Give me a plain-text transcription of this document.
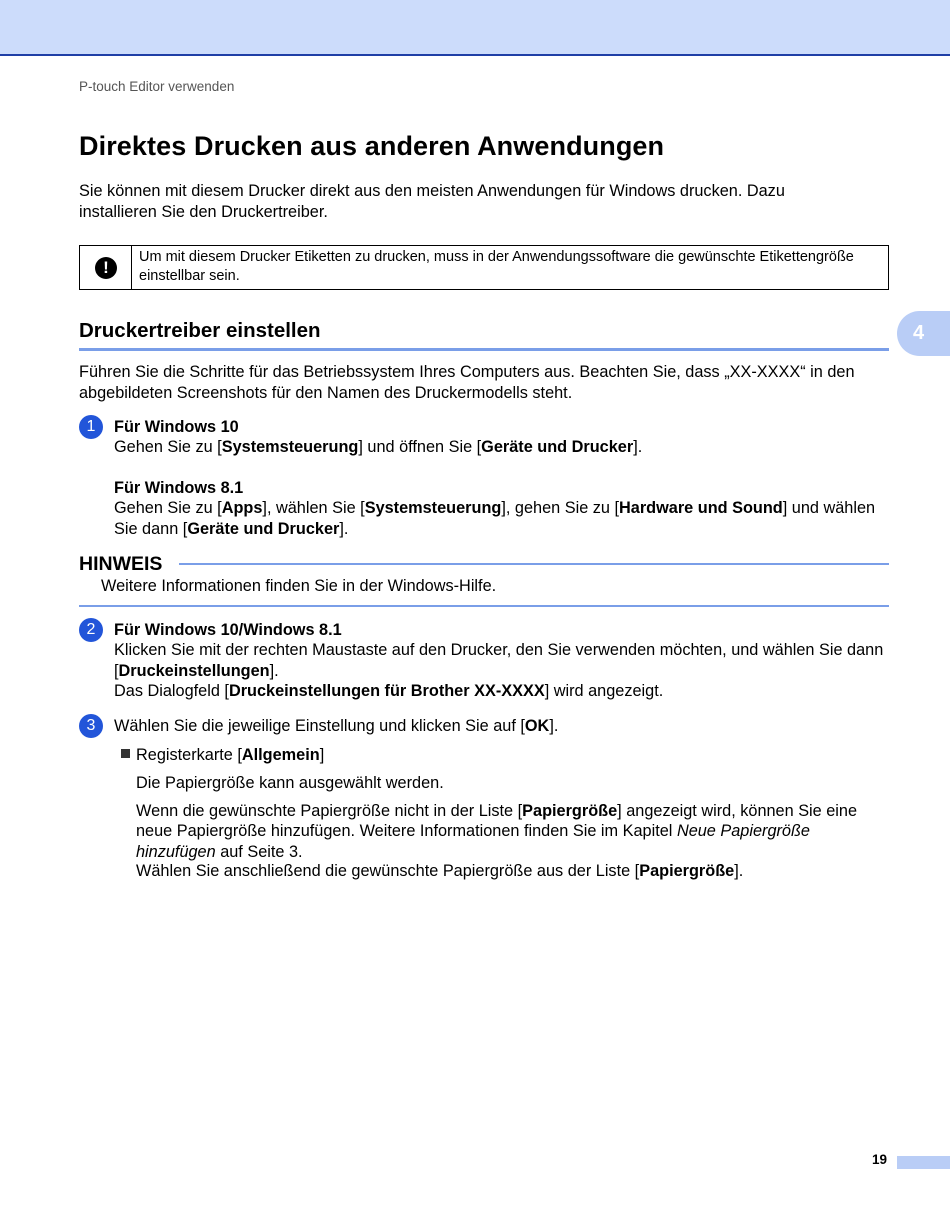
P-touch Editor verwenden
Direktes Drucken aus anderen Anwendungen

Sie können mit diesem Drucker direkt aus den meisten Anwendungen für Windows drucken. Dazu installieren Sie den Druckertreiber.

!
Um mit diesem Drucker Etiketten zu drucken, muss in der Anwendungssoftware die gewünschte Etikettengröße einstellbar sein.
Druckertreiber einstellen	4

Führen Sie die Schritte für das Betriebssystem Ihres Computers aus. Beachten Sie, dass „XX-XXXX“ in den abgebildeten Screenshots für den Namen des Druckermodells steht.

1	Für Windows 10
Gehen Sie zu [Systemsteuerung] und öffnen Sie [Geräte und Drucker].
Für Windows 8.1
Gehen Sie zu [Apps], wählen Sie [Systemsteuerung], gehen Sie zu [Hardware und Sound] und wählen Sie dann [Geräte und Drucker].
HINWEIS
Weitere Informationen finden Sie in der Windows-Hilfe.
2	Für Windows 10/Windows 8.1
Klicken Sie mit der rechten Maustaste auf den Drucker, den Sie verwenden möchten, und wählen Sie dann [Druckeinstellungen].
Das Dialogfeld [Druckeinstellungen für Brother XX-XXXX] wird angezeigt.
3	Wählen Sie die jeweilige Einstellung und klicken Sie auf [OK].
Registerkarte [Allgemein]
Die Papiergröße kann ausgewählt werden.
Wenn die gewünschte Papiergröße nicht in der Liste [Papiergröße] angezeigt wird, können Sie eine neue Papiergröße hinzufügen. Weitere Informationen finden Sie im Kapitel Neue Papiergröße hinzufügen auf Seite 3.
Wählen Sie anschließend die gewünschte Papiergröße aus der Liste [Papiergröße].
19
